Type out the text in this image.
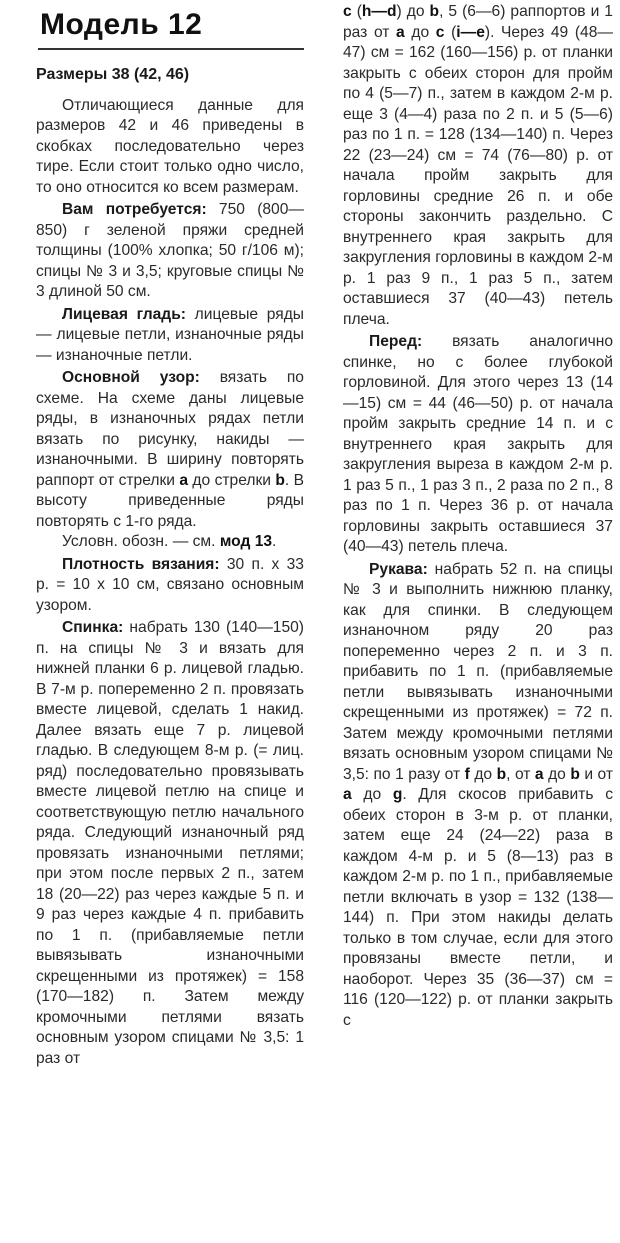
Модель 12
Размеры 38 (42, 46)

Отличающиеся данные для размеров 42 и 46 приведены в скобках последовательно через тире. Если стоит только одно число, то оно относится ко всем размерам.

Вам потребуется: 750 (800—850) г зеленой пряжи средней толщины (100% хлопка; 50 г/106 м); спицы № 3 и 3,5; круговые спицы № 3 длиной 50 см.

Лицевая гладь: лицевые ряды — лицевые петли, изнаночные ряды — изнаночные петли.

Основной узор: вязать по схеме. На схеме даны лицевые ряды, в изнаночных рядах петли вязать по рисунку, накиды — изнаночными. В ширину повторять раппорт от стрелки а до стрелки b. В высоту приведенные ряды повторять с 1-го ряда.

Условн. обозн. — см. мод 13.

Плотность вязания: 30 п. х 33 р. = 10 х 10 см, связано основным узором.

Спинка: набрать 130 (140—150) п. на спицы № 3 и вязать для нижней планки 6 р. лицевой гладью. В 7-м р. попеременно 2 п. провязать вместе лицевой, сделать 1 накид. Далее вязать еще 7 р. лицевой гладью. В следующем 8-м р. (= лиц. ряд) последовательно провязывать вместе лицевой петлю на спице и соответствующую петлю начального ряда. Следующий изнаночный ряд провязать изнаночными петлями; при этом после первых 2 п., затем 18 (20—22) раз через каждые 5 п. и 9 раз через каждые 4 п. прибавить по 1 п. (прибавляемые петли вывязывать изнаночными скрещенными из протяжек) = 158 (170—182) п. Затем между кромочными петлями вязать основным узором спицами № 3,5: 1 раз от

с (h—d) до b, 5 (6—6) раппортов и 1 раз от а до с (i—e). Через 49 (48—47) см = 162 (160—156) р. от планки закрыть с обеих сторон для пройм по 4 (5—7) п., затем в каждом 2-м р. еще 3 (4—4) раза по 2 п. и 5 (5—6) раз по 1 п. = 128 (134—140) п. Через 22 (23—24) см = 74 (76—80) р. от начала пройм закрыть для горловины средние 26 п. и обе стороны закончить раздельно. С внутреннего края закрыть для закругления горловины в каждом 2-м р. 1 раз 9 п., 1 раз 5 п., затем оставшиеся 37 (40—43) петель плеча.

Перед: вязать аналогично спинке, но с более глубокой горловиной. Для этого через 13 (14—15) см = 44 (46—50) р. от начала пройм закрыть средние 14 п. и с внутреннего края закрыть для закругления выреза в каждом 2-м р. 1 раз 5 п., 1 раз 3 п., 2 раза по 2 п., 8 раз по 1 п. Через 36 р. от начала горловины закрыть оставшиеся 37 (40—43) петель плеча.

Рукава: набрать 52 п. на спицы № 3 и выполнить нижнюю планку, как для спинки. В следующем изнаночном ряду 20 раз попеременно через 2 п. и 3 п. прибавить по 1 п. (прибавляемые петли вывязывать изнаночными скрещенными из протяжек) = 72 п. Затем между кромочными петлями вязать основным узором спицами № 3,5: по 1 разу от f до b, от а до b и от а до g. Для скосов прибавить с обеих сторон в 3-м р. от планки, затем еще 24 (24—22) раза в каждом 4-м р. и 5 (8—13) раз в каждом 2-м р. по 1 п., прибавляемые петли включать в узор = 132 (138—144) п. При этом накиды делать только в том случае, если для этого провязаны вместе петли, и наоборот. Через 35 (36—37) см = 116 (120—122) р. от планки закрыть с
